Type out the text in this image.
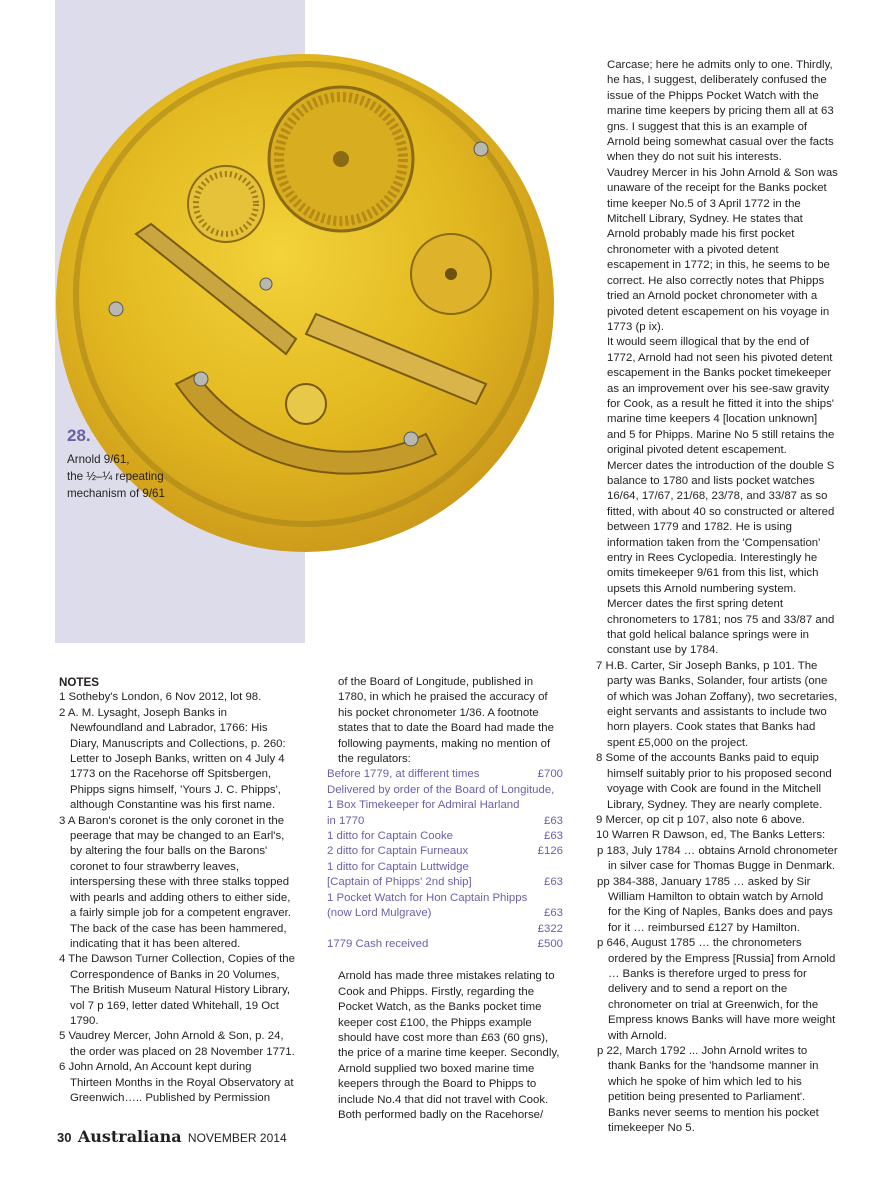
28.

Arnold 9/61,
the ½–¼ repeating
mechanism of 9/61

Carcase; here he admits only to one. Thirdly, he has, I suggest, deliberately confused the issue of the Phipps Pocket Watch with the marine time keepers by pricing them all at 63 gns. I suggest that this is an example of Arnold being somewhat casual over the facts when they do not suit his interests.

Vaudrey Mercer in his John Arnold & Son was unaware of the receipt for the Banks pocket time keeper No.5 of 3 April 1772 in the Mitchell Library, Sydney. He states that Arnold probably made his first pocket chronometer with a pivoted detent escapement in 1772; in this, he seems to be correct. He also correctly notes that Phipps tried an Arnold pocket chronometer with a pivoted detent escapement on his voyage in 1773 (p ix).

It would seem illogical that by the end of 1772, Arnold had not seen his pivoted detent escapement in the Banks pocket timekeeper as an improvement over his see-saw gravity for Cook, as a result he fitted it into the ships' marine time keepers 4 [location unknown] and 5 for Phipps. Marine No 5 still retains the original pivoted detent escapement.

Mercer dates the introduction of the double S balance to 1780 and lists pocket watches 16/64, 17/67, 21/68, 23/78, and 33/87 as so fitted, with about 40 so constructed or altered between 1779 and 1782. He is using information taken from the 'Compensation' entry in Rees Cyclopedia. Interestingly he omits timekeeper 9/61 from this list, which upsets this Arnold numbering system.

Mercer dates the first spring detent chronometers to 1781; nos 75 and 33/87 and that gold helical balance springs were in constant use by 1784.

7 H.B. Carter, Sir Joseph Banks, p 101. The party was Banks, Solander, four artists (one of which was Johan Zoffany), two secretaries, eight servants and assistants to include two horn players. Cook states that Banks had spent £5,000 on the project.

8 Some of the accounts Banks paid to equip himself suitably prior to his proposed second voyage with Cook are found in the Mitchell Library, Sydney. They are nearly complete.

9 Mercer, op cit p 107, also note 6 above.

10 Warren R Dawson, ed, The Banks Letters:

p 183, July 1784 … obtains Arnold chronometer in silver case for Thomas Bugge in Denmark.

pp 384-388, January 1785 … asked by Sir William Hamilton to obtain watch by Arnold for the King of Naples, Banks does and pays for it … reimbursed £127 by Hamilton.

p 646, August 1785 … the chronometers ordered by the Empress [Russia] from Arnold … Banks is therefore urged to press for delivery and to send a report on the chronometer on trial at Greenwich, for the Empress knows Banks will have more weight with Arnold.

p 22, March 1792 ... John Arnold writes to thank Banks for the 'handsome manner in which he spoke of him which led to his petition being presented to Parliament'. Banks never seems to mention his pocket timekeeper No 5.

NOTES

1 Sotheby's London, 6 Nov 2012, lot 98.

2 A. M. Lysaght, Joseph Banks in Newfoundland and Labrador, 1766: His Diary, Manuscripts and Collections, p. 260: Letter to Joseph Banks, written on 4 July 4 1773 on the Racehorse off Spitsbergen, Phipps signs himself, 'Yours J. C. Phipps', although Constantine was his first name.

3 A Baron's coronet is the only coronet in the peerage that may be changed to an Earl's, by altering the four balls on the Barons' coronet to four strawberry leaves, interspersing these with three stalks topped with pearls and adding others to either side, a fairly simple job for a competent engraver. The back of the case has been hammered, indicating that it has been altered.

4 The Dawson Turner Collection, Copies of the Correspondence of Banks in 20 Volumes, The British Museum Natural History Library, vol 7 p 169, letter dated Whitehall, 19 Oct 1790.

5 Vaudrey Mercer, John Arnold & Son, p. 24, the order was placed on 28 November 1771.

6 John Arnold, An Account kept during Thirteen Months in the Royal Observatory at Greenwich….. Published by Permission

of the Board of Longitude, published in 1780, in which he praised the accuracy of his pocket chronometer 1/36. A footnote states that to date the Board had made the following payments, making no mention of the regulators:

Before 1779, at different times	£700
Delivered by order of the Board of Longitude,
1 Box Timekeeper for Admiral Harland
in 1770	£63
1 ditto for Captain Cooke	£63
2 ditto for Captain Furneaux	£126
1 ditto for Captain Luttwidge
[Captain of Phipps' 2nd ship]	£63
1 Pocket Watch for Hon Captain Phipps
(now Lord Mulgrave)	£63
£322
1779 Cash received	£500

Arnold has made three mistakes relating to Cook and Phipps. Firstly, regarding the Pocket Watch, as the Banks pocket time keeper cost £100, the Phipps example should have cost more than £63 (60 gns), the price of a marine time keeper. Secondly, Arnold supplied two boxed marine time keepers through the Board to Phipps to include No.4 that did not travel with Cook. Both performed badly on the Racehorse/

30 Australiana NOVEMBER 2014
